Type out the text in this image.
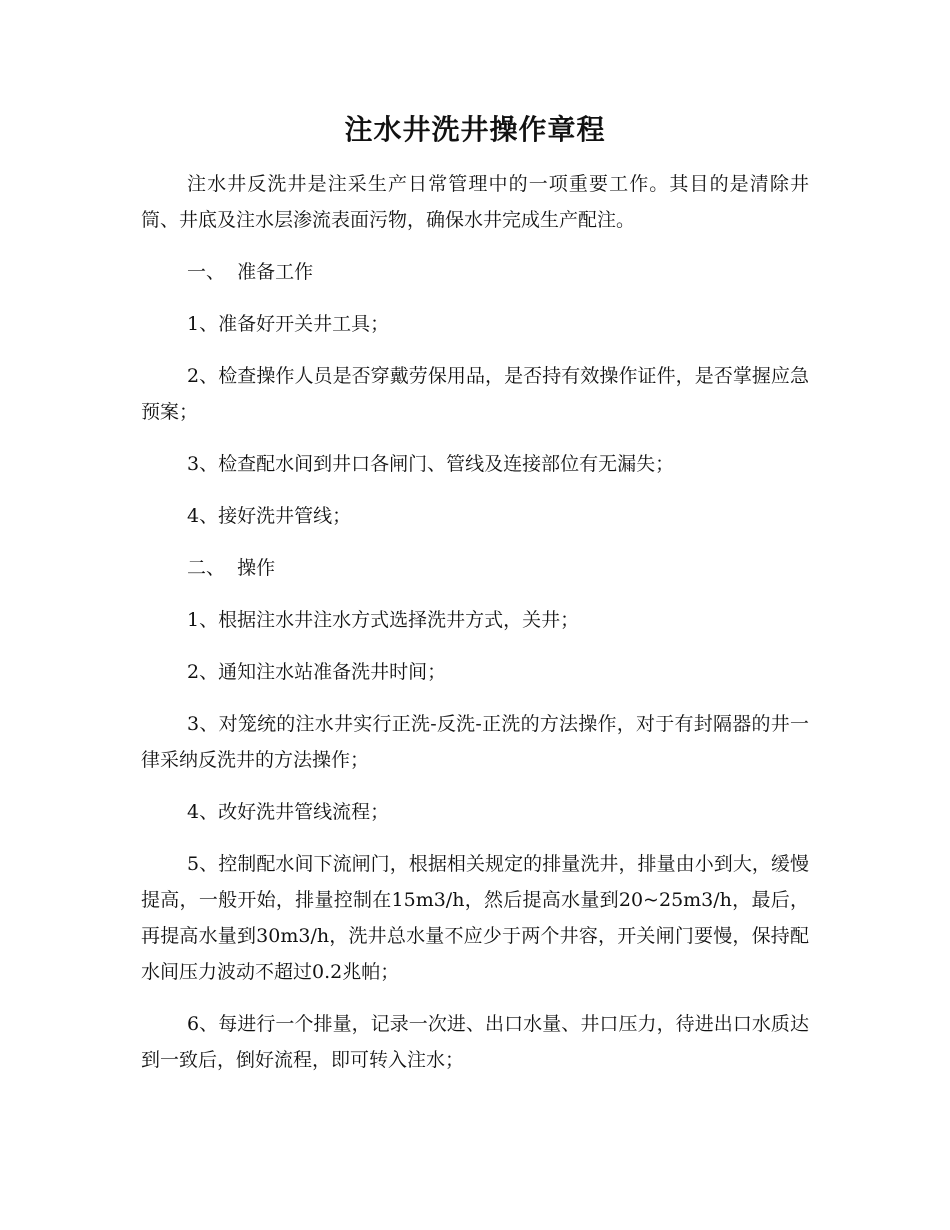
注水井洗井操作章程

注水井反洗井是注采生产日常管理中的一项重要工作。其目的是清除井筒、井底及注水层渗流表面污物，确保水井完成生产配注。

一、  准备工作

1、准备好开关井工具；

2、检查操作人员是否穿戴劳保用品，是否持有效操作证件，是否掌握应急预案；

3、检查配水间到井口各闸门、管线及连接部位有无漏失；

4、接好洗井管线；

二、  操作

1、根据注水井注水方式选择洗井方式，关井；

2、通知注水站准备洗井时间；

3、对笼统的注水井实行正洗-反洗-正洗的方法操作，对于有封隔器的井一律采纳反洗井的方法操作；

4、改好洗井管线流程；

5、控制配水间下流闸门，根据相关规定的排量洗井，排量由小到大，缓慢提高，一般开始，排量控制在15m3/h，然后提高水量到20~25m3/h，最后，再提高水量到30m3/h，洗井总水量不应少于两个井容，开关闸门要慢，保持配水间压力波动不超过0.2兆帕；

6、每进行一个排量，记录一次进、出口水量、井口压力，待进出口水质达到一致后，倒好流程，即可转入注水；
